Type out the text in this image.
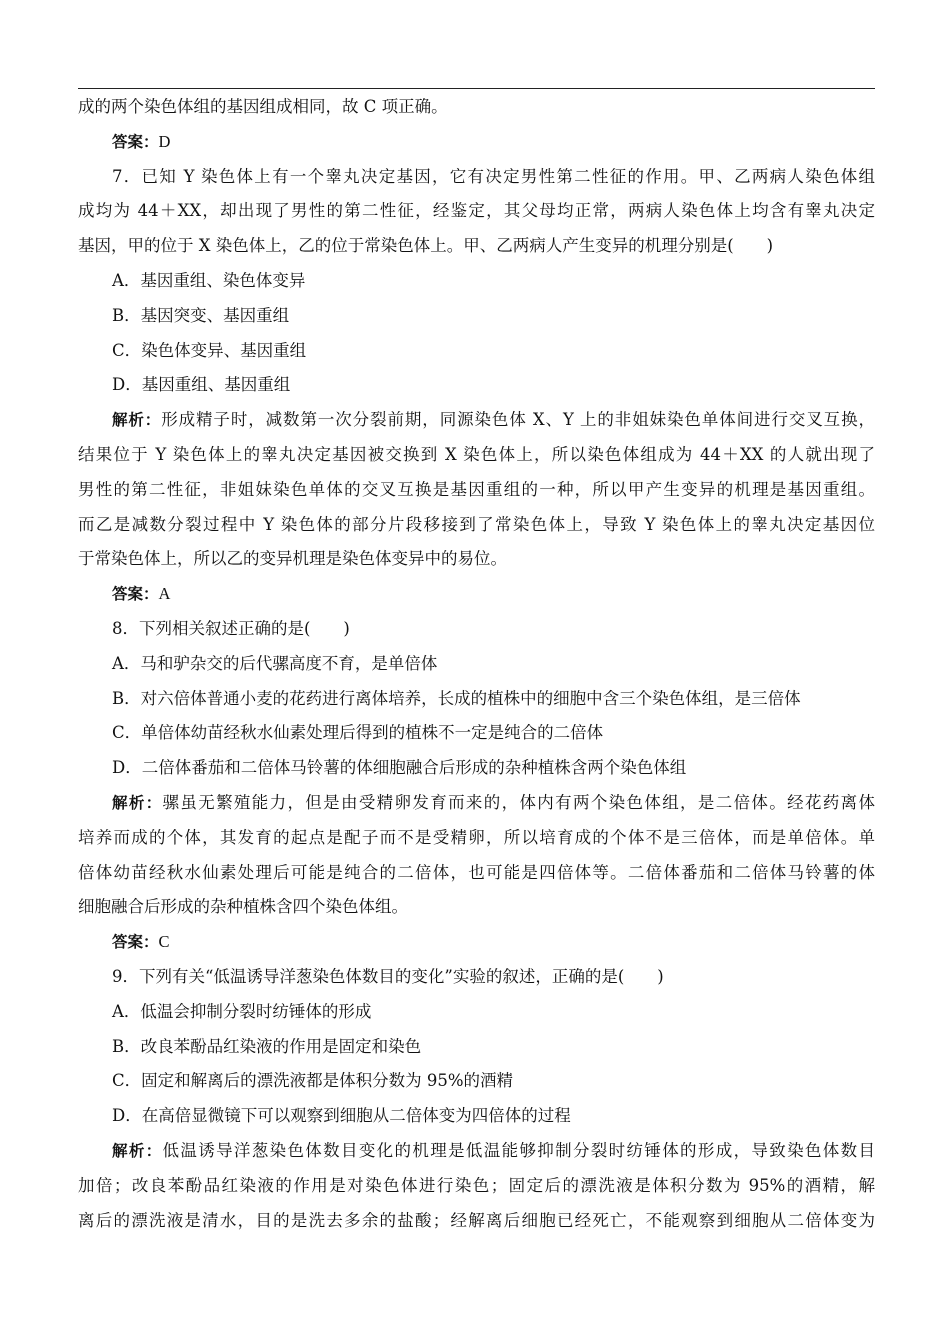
成的两个染色体组的基因组成相同，故 C 项正确。

答案：D

7．已知 Y 染色体上有一个睾丸决定基因，它有决定男性第二性征的作用。甲、乙两病人染色体组

成均为 44＋XX，却出现了男性的第二性征，经鉴定，其父母均正常，两病人染色体上均含有睾丸决定

基因，甲的位于 X 染色体上，乙的位于常染色体上。甲、乙两病人产生变异的机理分别是(　　)

A．基因重组、染色体变异

B．基因突变、基因重组

C．染色体变异、基因重组

D．基因重组、基因重组

解析：形成精子时，减数第一次分裂前期，同源染色体 X、Y 上的非姐妹染色单体间进行交叉互换，

结果位于 Y 染色体上的睾丸决定基因被交换到 X 染色体上，所以染色体组成为 44＋XX 的人就出现了

男性的第二性征，非姐妹染色单体的交叉互换是基因重组的一种，所以甲产生变异的机理是基因重组。

而乙是减数分裂过程中 Y 染色体的部分片段移接到了常染色体上，导致 Y 染色体上的睾丸决定基因位

于常染色体上，所以乙的变异机理是染色体变异中的易位。

答案：A

8．下列相关叙述正确的是(　　)

A．马和驴杂交的后代骡高度不育，是单倍体

B．对六倍体普通小麦的花药进行离体培养，长成的植株中的细胞中含三个染色体组，是三倍体

C．单倍体幼苗经秋水仙素处理后得到的植株不一定是纯合的二倍体

D．二倍体番茄和二倍体马铃薯的体细胞融合后形成的杂种植株含两个染色体组

解析：骡虽无繁殖能力，但是由受精卵发育而来的，体内有两个染色体组，是二倍体。经花药离体

培养而成的个体，其发育的起点是配子而不是受精卵，所以培育成的个体不是三倍体，而是单倍体。单

倍体幼苗经秋水仙素处理后可能是纯合的二倍体，也可能是四倍体等。二倍体番茄和二倍体马铃薯的体

细胞融合后形成的杂种植株含四个染色体组。

答案：C

9．下列有关“低温诱导洋葱染色体数目的变化”实验的叙述，正确的是(　　)

A．低温会抑制分裂时纺锤体的形成

B．改良苯酚品红染液的作用是固定和染色

C．固定和解离后的漂洗液都是体积分数为 95%的酒精

D．在高倍显微镜下可以观察到细胞从二倍体变为四倍体的过程

解析：低温诱导洋葱染色体数目变化的机理是低温能够抑制分裂时纺锤体的形成，导致染色体数目

加倍；改良苯酚品红染液的作用是对染色体进行染色；固定后的漂洗液是体积分数为 95%的酒精，解

离后的漂洗液是清水，目的是洗去多余的盐酸；经解离后细胞已经死亡，不能观察到细胞从二倍体变为
